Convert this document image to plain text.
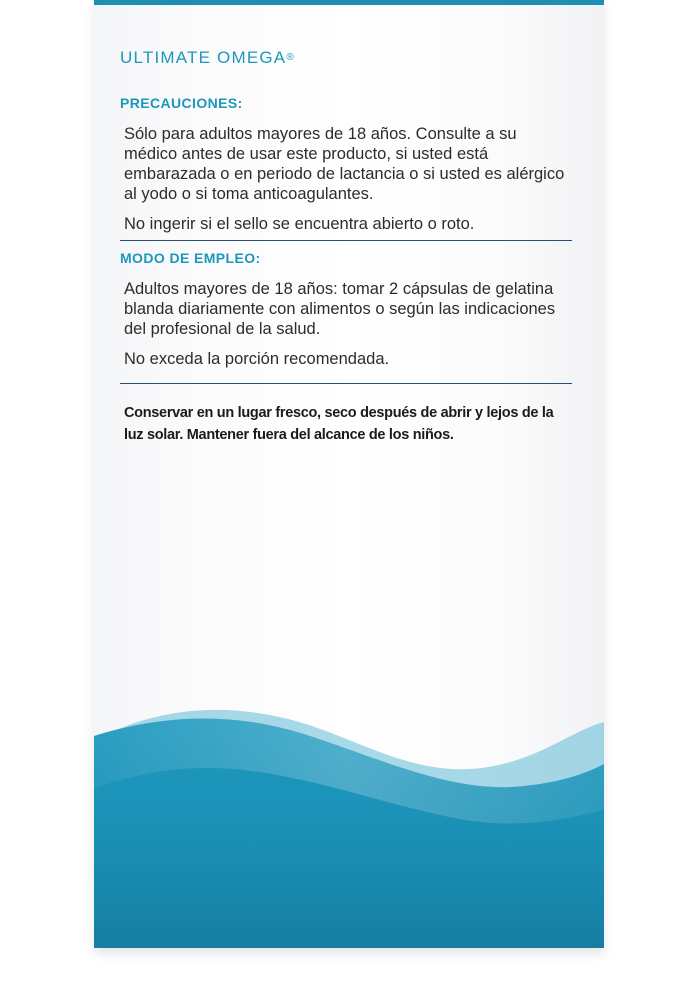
ULTIMATE OMEGA®

PRECAUCIONES:

Sólo para adultos mayores de 18 años. Consulte a su médico antes de usar este producto, si usted está embarazada o en periodo de lactancia o si usted es alérgico al yodo o si toma anticoagulantes.

No ingerir si el sello se encuentra abierto o roto.

MODO DE EMPLEO:

Adultos mayores de 18 años: tomar 2 cápsulas de gelatina blanda diariamente con alimentos o según las indicaciones del profesional de la salud.

No exceda la porción recomendada.

Conservar en un lugar fresco, seco después de abrir y lejos de la luz solar. Mantener fuera del alcance de los niños.
